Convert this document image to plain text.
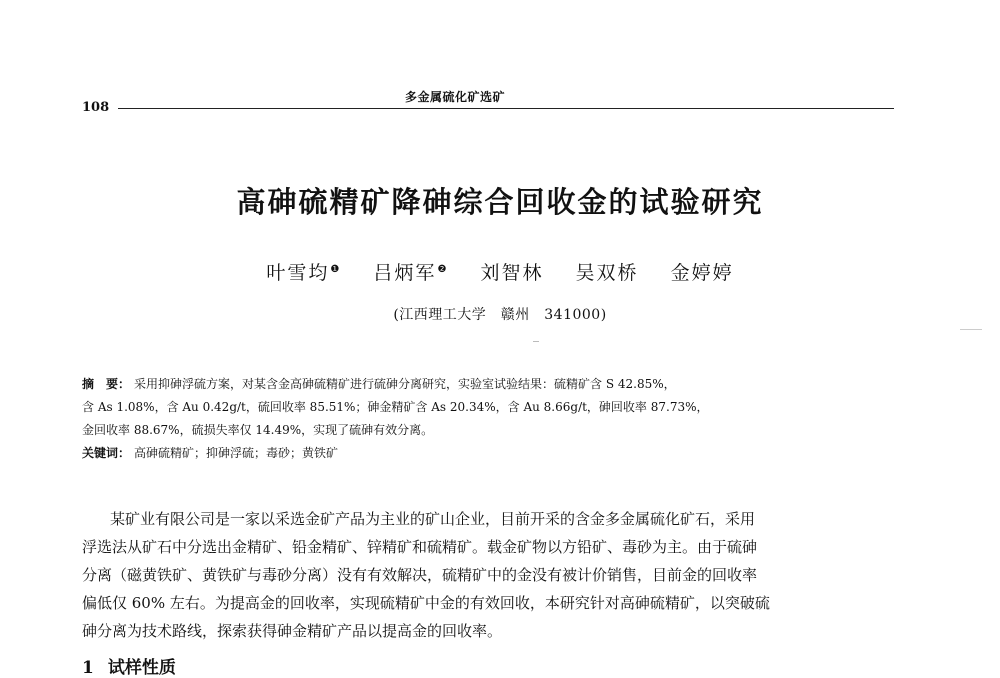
多金属硫化矿选矿
108
高砷硫精矿降砷综合回收金的试验研究
叶雪均$^❶$ 吕炳军$^❷$ 刘智林 吴双桥 金婷婷
(江西理工大学　赣州　341000)

摘　要： 采用抑砷浮硫方案，对某含金高砷硫精矿进行硫砷分离研究，实验室试验结果：硫精矿含 S 42.85%，

含 As 1.08%，含 Au 0.42g/t，硫回收率 85.51%；砷金精矿含 As 20.34%，含 Au 8.66g/t，砷回收率 87.73%，

金回收率 88.67%，硫损失率仅 14.49%，实现了硫砷有效分离。

关键词： 高砷硫精矿；抑砷浮硫；毒砂；黄铁矿

某矿业有限公司是一家以采选金矿产品为主业的矿山企业，目前开采的含金多金属硫化矿石，采用

浮选法从矿石中分选出金精矿、铅金精矿、锌精矿和硫精矿。载金矿物以方铅矿、毒砂为主。由于硫砷

分离（磁黄铁矿、黄铁矿与毒砂分离）没有有效解决，硫精矿中的金没有被计价销售，目前金的回收率

偏低仅 60% 左右。为提高金的回收率，实现硫精矿中金的有效回收，本研究针对高砷硫精矿，以突破硫

砷分离为技术路线，探索获得砷金精矿产品以提高金的回收率。

1 试样性质
